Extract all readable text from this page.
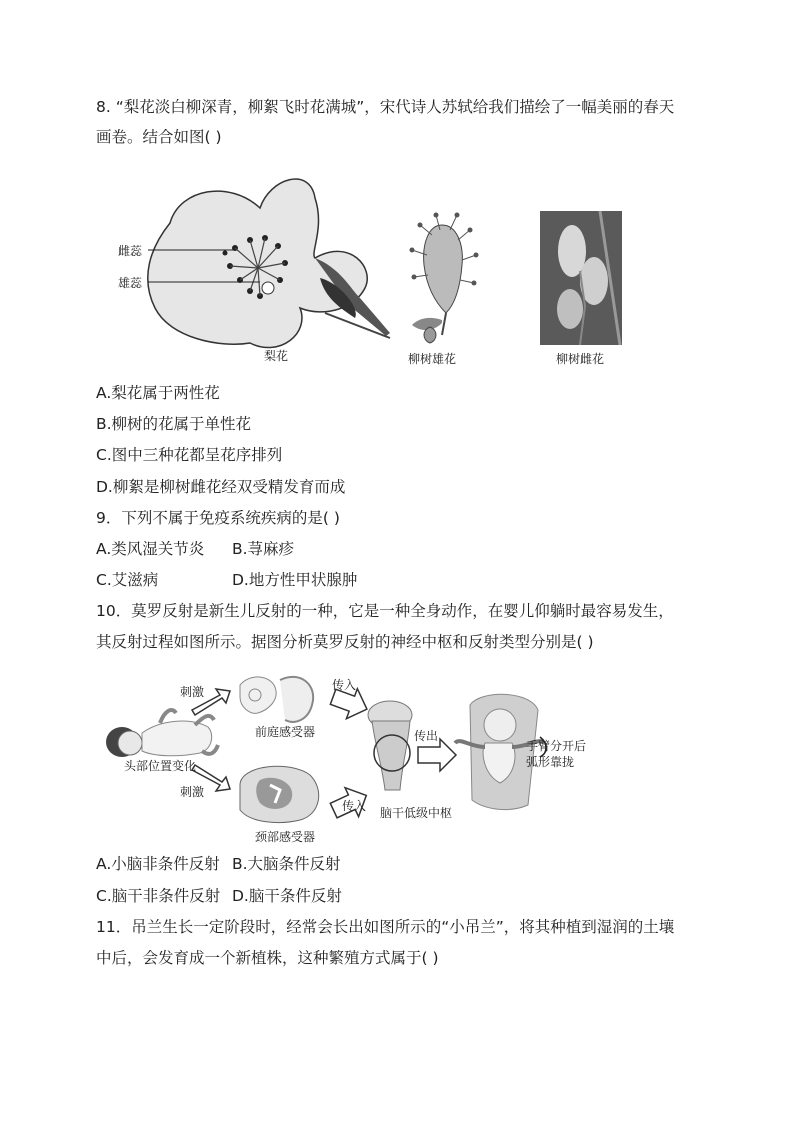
8. “梨花淡白柳深青，柳絮飞时花满城”，宋代诗人苏轼给我们描绘了一幅美丽的春天
画卷。结合如图( )
雌蕊
雄蕊
梨花	柳树雄花	柳树雌花
A.梨花属于两性花
B.柳树的花属于单性花
C.图中三种花都呈花序排列
D.柳絮是柳树雌花经双受精发育而成
9．下列不属于免疫系统疾病的是( )
A.类风湿关节炎 B.荨麻疹
C.艾滋病	D.地方性甲状腺肿
10．莫罗反射是新生儿反射的一种，它是一种全身动作，在婴儿仰躺时最容易发生，
其反射过程如图所示。据图分析莫罗反射的神经中枢和反射类型分别是( )
刺激
刺激
头部位置变化
前庭感受器
颈部感受器
传入
传入
传出
脑干低级中枢
手臂分开后
弧形靠拢
A.小脑非条件反射 B.大脑条件反射
C.脑干非条件反射 D.脑干条件反射
11．吊兰生长一定阶段时，经常会长出如图所示的“小吊兰”，将其种植到湿润的土壤
中后，会发育成一个新植株，这种繁殖方式属于( )
